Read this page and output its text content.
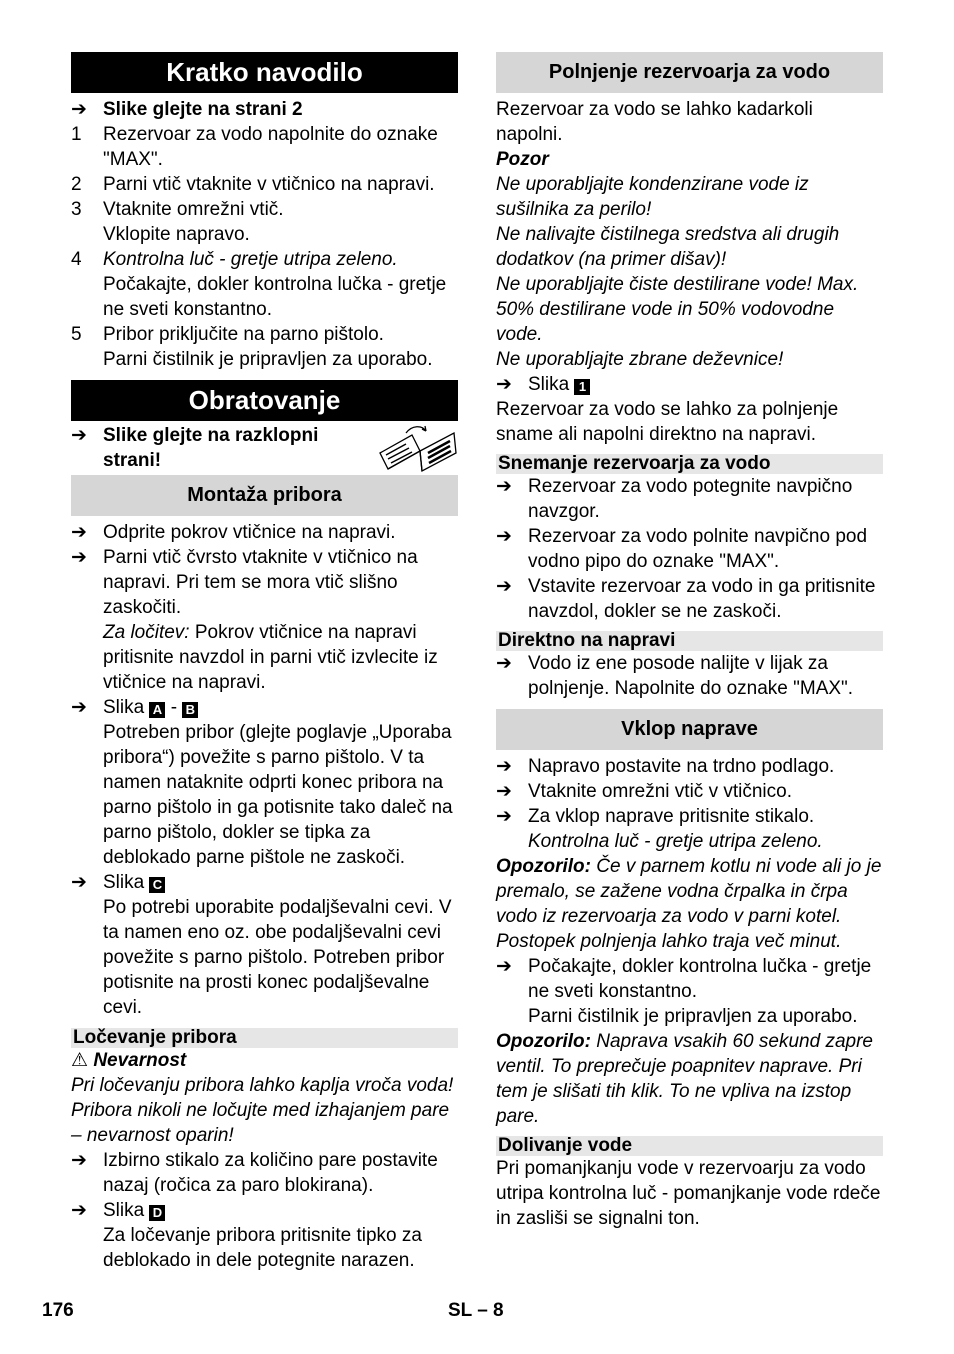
Kratko navodilo
➔ Slike glejte na strani 2
1	Rezervoar za vodo napolnite do oznake "MAX".
2	Parni vtič vtaknite v vtičnico na napravi.
3	Vtaknite omrežni vtič.
Vklopite napravo.
4	Kontrolna luč - gretje utripa zeleno.
Počakajte, dokler kontrolna lučka - gretje ne sveti konstantno.
5	Pribor priključite na parno pištolo.
Parni čistilnik je pripravljen za uporabo.
Obratovanje
➔ Slike glejte na razklopni strani!
Montaža pribora
➔ Odprite pokrov vtičnice na napravi.
➔ Parni vtič čvrsto vtaknite v vtičnico na napravi. Pri tem se mora vtič slišno zaskočiti.
Za ločitev: Pokrov vtičnice na napravi pritisnite navzdol in parni vtič izvlecite iz vtičnice na napravi.
➔ Slika A - B
Potreben pribor (glejte poglavje „Uporaba pribora“) povežite s parno pištolo. V ta namen nataknite odprti konec pribora na parno pištolo in ga potisnite tako daleč na parno pištolo, dokler se tipka za deblokado parne pištole ne zaskoči.
➔ Slika C
Po potrebi uporabite podaljševalni cevi. V ta namen eno oz. obe podaljševalni cevi povežite s parno pištolo. Potreben pribor potisnite na prosti konec podaljševalne cevi.
Ločevanje pribora
⚠ Nevarnost
Pri ločevanju pribora lahko kaplja vroča voda! Pribora nikoli ne ločujte med izhajanjem pare – nevarnost oparin!
➔ Izbirno stikalo za količino pare postavite nazaj (ročica za paro blokirana).
➔ Slika D
Za ločevanje pribora pritisnite tipko za deblokado in dele potegnite narazen.
Polnjenje rezervoarja za vodo
Rezervoar za vodo se lahko kadarkoli napolni.
Pozor
Ne uporabljajte kondenzirane vode iz sušilnika za perilo!
Ne nalivajte čistilnega sredstva ali drugih dodatkov (na primer dišav)!
Ne uporabljajte čiste destilirane vode! Max. 50% destilirane vode in 50% vodovodne vode.
Ne uporabljajte zbrane deževnice!
➔ Slika 1
Rezervoar za vodo se lahko za polnjenje sname ali napolni direktno na napravi.
Snemanje rezervoarja za vodo
➔ Rezervoar za vodo potegnite navpično navzgor.
➔ Rezervoar za vodo polnite navpično pod vodno pipo do oznake "MAX".
➔ Vstavite rezervoar za vodo in ga pritisnite navzdol, dokler se ne zaskoči.
Direktno na napravi
➔ Vodo iz ene posode nalijte v lijak za polnjenje. Napolnite do oznake "MAX".
Vklop naprave
➔ Napravo postavite na trdno podlago.
➔ Vtaknite omrežni vtič v vtičnico.
➔ Za vklop naprave pritisnite stikalo.
Kontrolna luč - gretje utripa zeleno.
Opozorilo: Če v parnem kotlu ni vode ali jo je premalo, se zažene vodna črpalka in črpa vodo iz rezervoarja za vodo v parni kotel. Postopek polnjenja lahko traja več minut.
➔ Počakajte, dokler kontrolna lučka - gretje ne sveti konstantno.
Parni čistilnik je pripravljen za uporabo.
Opozorilo: Naprava vsakih 60 sekund zapre ventil. To preprečuje poapnitev naprave. Pri tem je slišati tih klik. To ne vpliva na izstop pare.
Dolivanje vode
Pri pomanjkanju vode v rezervoarju za vodo utripa kontrolna luč - pomanjkanje vode rdeče in zasliši se signalni ton.
176	SL – 8
